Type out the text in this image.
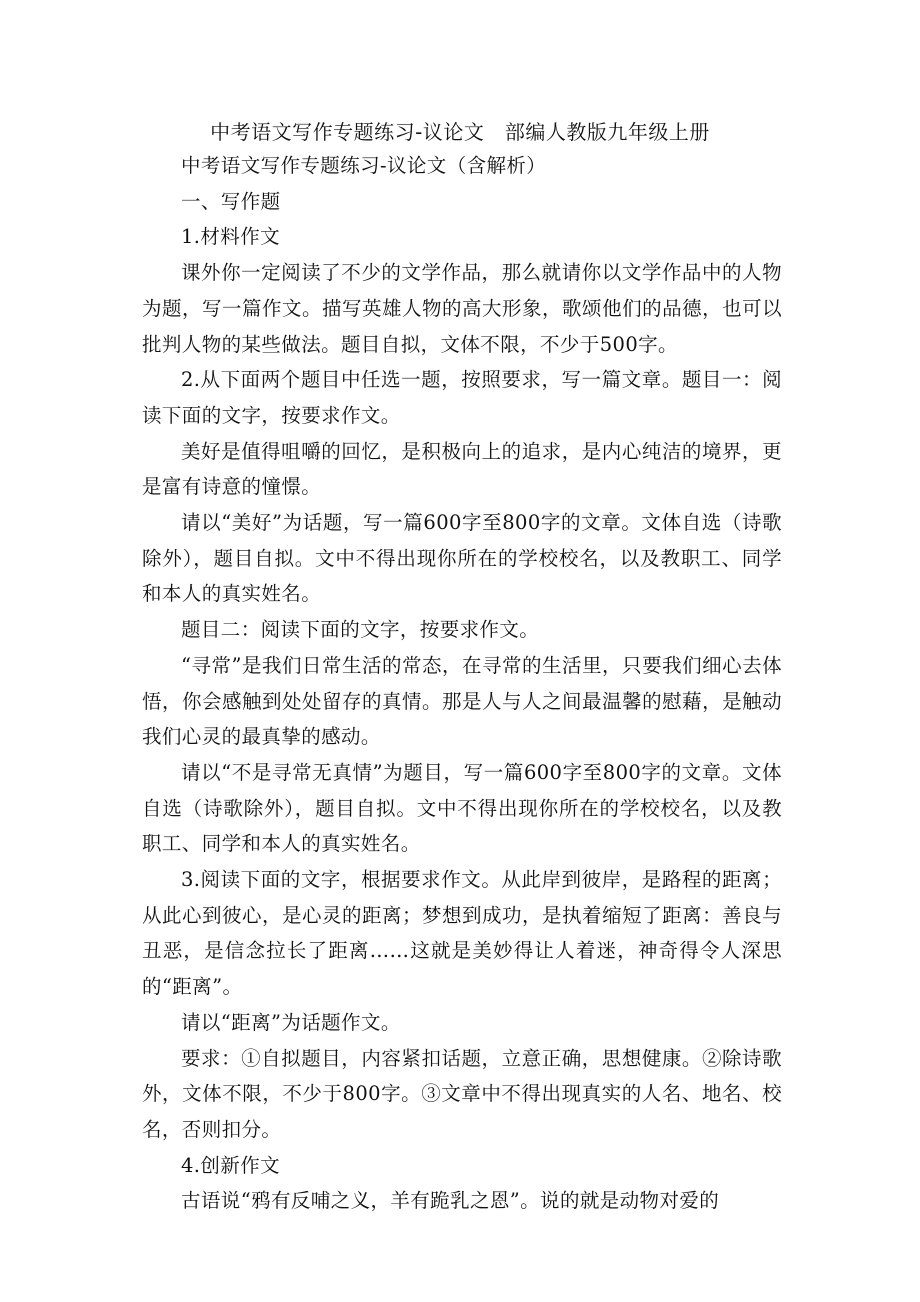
中考语文写作专题练习-议论文　部编人教版九年级上册

中考语文写作专题练习-议论文（含解析）

一、写作题

1.材料作文

课外你一定阅读了不少的文学作品，那么就请你以文学作品中的人物为题，写一篇作文。描写英雄人物的高大形象，歌颂他们的品德，也可以批判人物的某些做法。题目自拟，文体不限，不少于500字。

2.从下面两个题目中任选一题，按照要求，写一篇文章。题目一：阅读下面的文字，按要求作文。

美好是值得咀嚼的回忆，是积极向上的追求，是内心纯洁的境界，更是富有诗意的憧憬。

请以“美好”为话题，写一篇600字至800字的文章。文体自选（诗歌除外），题目自拟。文中不得出现你所在的学校校名，以及教职工、同学和本人的真实姓名。

题目二：阅读下面的文字，按要求作文。

“寻常”是我们日常生活的常态，在寻常的生活里，只要我们细心去体悟，你会感触到处处留存的真情。那是人与人之间最温馨的慰藉，是触动我们心灵的最真挚的感动。

请以“不是寻常无真情”为题目，写一篇600字至800字的文章。文体自选（诗歌除外），题目自拟。文中不得出现你所在的学校校名，以及教职工、同学和本人的真实姓名。

3.阅读下面的文字，根据要求作文。从此岸到彼岸，是路程的距离；从此心到彼心，是心灵的距离；梦想到成功，是执着缩短了距离：善良与丑恶，是信念拉长了距离……这就是美妙得让人着迷，神奇得令人深思的“距离”。

请以“距离”为话题作文。

要求：①自拟题目，内容紧扣话题，立意正确，思想健康。②除诗歌外，文体不限，不少于800字。③文章中不得出现真实的人名、地名、校名，否则扣分。

4.创新作文

古语说“鸦有反哺之义，羊有跪乳之恩”。说的就是动物对爱的
